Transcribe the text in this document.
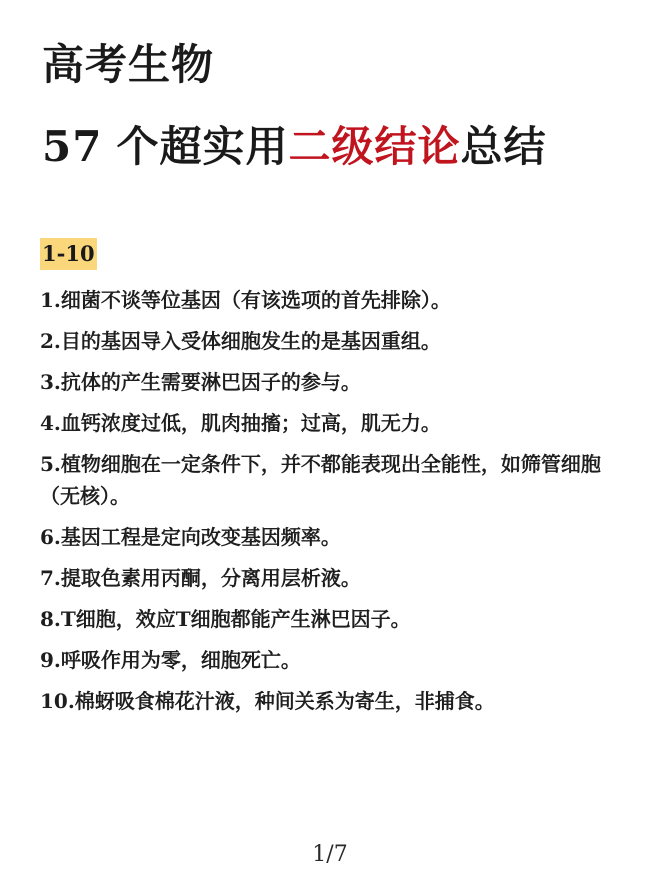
高考生物
57 个超实用二级结论总结
1-10
1.细菌不谈等位基因（有该选项的首先排除）。
2.目的基因导入受体细胞发生的是基因重组。
3.抗体的产生需要淋巴因子的参与。
4.血钙浓度过低，肌肉抽搐；过高，肌无力。
5.植物细胞在一定条件下，并不都能表现出全能性，如筛管细胞 （无核）。
6.基因工程是定向改变基因频率。
7.提取色素用丙酮，分离用层析液。
8.T细胞，效应T细胞都能产生淋巴因子。
9.呼吸作用为零，细胞死亡。
10.棉蚜吸食棉花汁液，种间关系为寄生，非捕食。
1/7
